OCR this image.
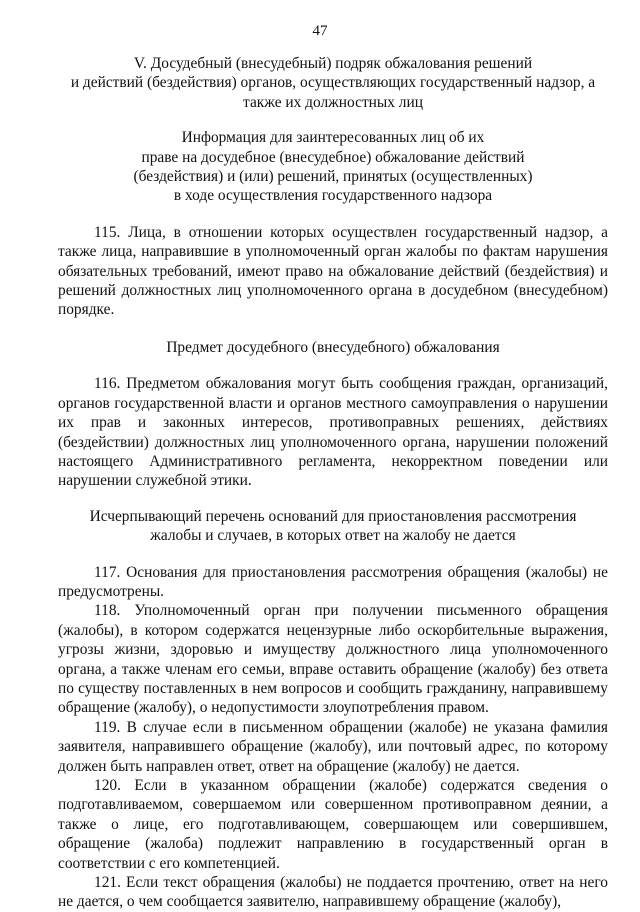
47
V. Досудебный (внесудебный) подряк обжалования решений
и действий (бездействия) органов, осуществляющих государственный надзор, а
также их должностных лиц
Информация для заинтересованных лиц об их
праве на досудебное (внесудебное) обжалование действий
(бездействия) и (или) решений, принятых (осуществленных)
в ходе осуществления государственного надзора

115. Лица, в отношении которых осуществлен государственный надзор, а также лица, направившие в уполномоченный орган жалобы по фактам нарушения обязательных требований, имеют право на обжалование действий (бездействия) и решений должностных лиц уполномоченного органа в досудебном (внесудебном) порядке.

Предмет досудебного (внесудебного) обжалования

116. Предметом обжалования могут быть сообщения граждан, организаций, органов государственной власти и органов местного самоуправления о нарушении их прав и законных интересов, противоправных решениях, действиях (бездействии) должностных лиц уполномоченного органа, нарушении положений настоящего Административного регламента, некорректном поведении или нарушении служебной этики.

Исчерпывающий перечень оснований для приостановления рассмотрения
жалобы и случаев, в которых ответ на жалобу не дается

117. Основания для приостановления рассмотрения обращения (жалобы) не предусмотрены.

118. Уполномоченный орган при получении письменного обращения (жалобы), в котором содержатся нецензурные либо оскорбительные выражения, угрозы жизни, здоровью и имуществу должностного лица уполномоченного органа, а также членам его семьи, вправе оставить обращение (жалобу) без ответа по существу поставленных в нем вопросов и сообщить гражданину, направившему обращение (жалобу), о недопустимости злоупотребления правом.

119. В случае если в письменном обращении (жалобе) не указана фамилия заявителя, направившего обращение (жалобу), или почтовый адрес, по которому должен быть направлен ответ, ответ на обращение (жалобу) не дается.

120. Если в указанном обращении (жалобе) содержатся сведения о подготавливаемом, совершаемом или совершенном противоправном деянии, а также о лице, его подготавливающем, совершающем или совершившем, обращение (жалоба) подлежит направлению в государственный орган в соответствии с его компетенцией.

121. Если текст обращения (жалобы) не поддается прочтению, ответ на него не дается, о чем сообщается заявителю, направившему обращение (жалобу),
